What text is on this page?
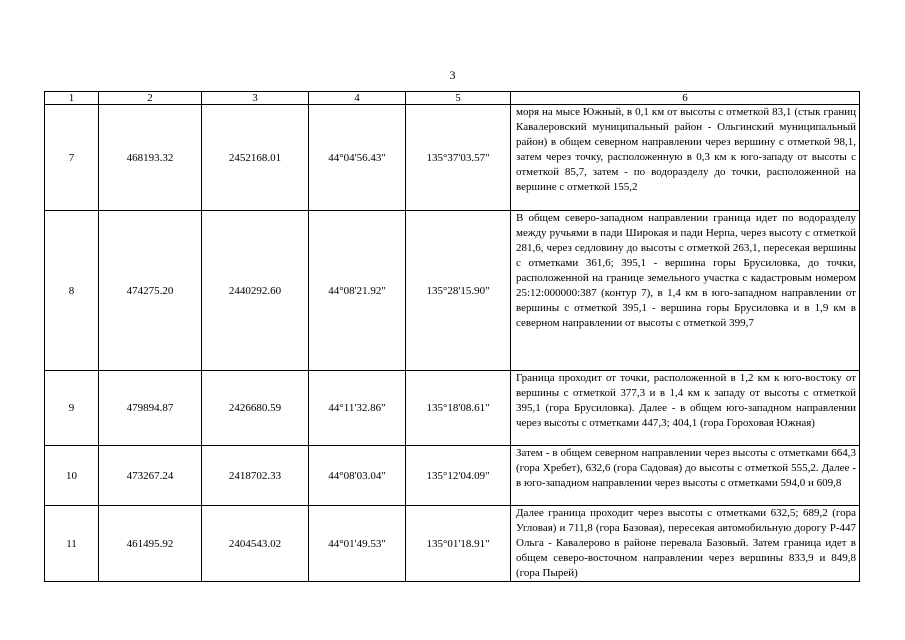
3
1	2	3	4	5	6
7	468193.32	2452168.01	44°04'56.43"	135°37'03.57"	моря на мысе Южный, в 0,1 км от высоты с отметкой 83,1 (стык границ Кавалеровский муниципальный район - Ольгинский муниципальный район) в общем северном направлении через вершину с отметкой 98,1, затем через точку, расположенную в 0,3 км к юго-западу от высоты с отметкой 85,7, затем - по водоразделу до точки, расположенной на вершине с отметкой 155,2
8	474275.20	2440292.60	44°08'21.92"	135°28'15.90"	В общем северо-западном направлении граница идет по водоразделу между ручьями в пади Широкая и пади Нерпа, через высоту с отметкой 281,6, через седловину до высоты с отметкой 263,1, пересекая вершины с отметками 361,6; 395,1 - вершина горы Брусиловка, до точки, расположенной на границе земельного участка с кадастровым номером 25:12:000000:387 (контур 7), в 1,4 км в юго-западном направлении от вершины с отметкой 395,1 - вершина горы Брусиловка и в 1,9 км в северном направлении от высоты с отметкой 399,7
9	479894.87	2426680.59	44°11'32.86"	135°18'08.61"	Граница проходит от точки, расположенной в 1,2 км к юго-востоку от вершины с отметкой 377,3 и в 1,4 км к западу от высоты с отметкой 395,1 (гора Брусиловка). Далее - в общем юго-западном направлении через высоты с отметками 447,3; 404,1 (гора Гороховая Южная)
10	473267.24	2418702.33	44°08'03.04"	135°12'04.09"	Затем - в общем северном направлении через высоты с отметками 664,3 (гора Хребет), 632,6 (гора Садовая) до высоты с отметкой 555,2. Далее - в юго-западном направлении через высоты с отметками 594,0 и 609,8
11	461495.92	2404543.02	44°01'49.53"	135°01'18.91"	Далее граница проходит через высоты с отметками 632,5; 689,2 (гора Угловая) и 711,8 (гора Базовая), пересекая автомобильную дорогу Р-447 Ольга - Кавалерово в районе перевала Базовый. Затем граница идет в общем северо-восточном направлении через вершины 833,9 и 849,8 (гора Пырей)
